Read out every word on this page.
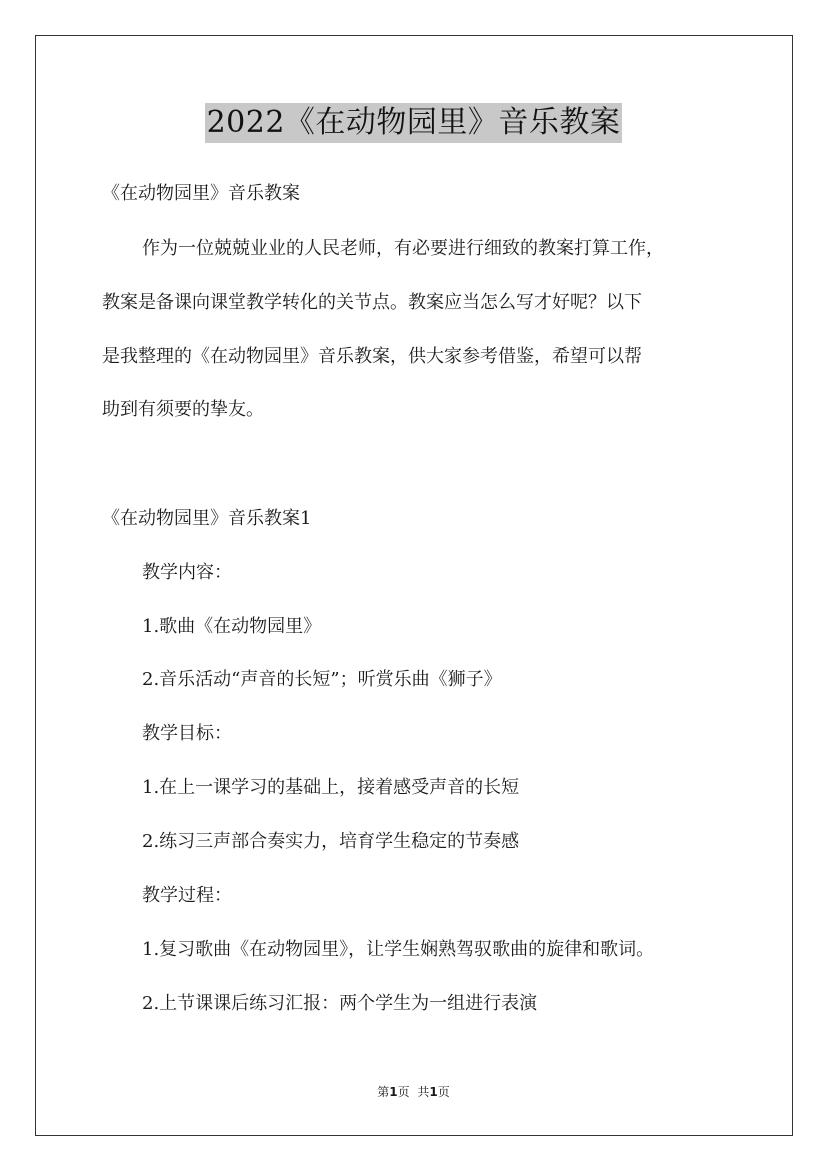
2022《在动物园里》音乐教案
《在动物园里》音乐教案
作为一位兢兢业业的人民老师，有必要进行细致的教案打算工作，
教案是备课向课堂教学转化的关节点。教案应当怎么写才好呢？以下
是我整理的《在动物园里》音乐教案，供大家参考借鉴，希望可以帮
助到有须要的挚友。
《在动物园里》音乐教案1
教学内容：
1.歌曲《在动物园里》
2.音乐活动“声音的长短”；听赏乐曲《狮子》
教学目标：
1.在上一课学习的基础上，接着感受声音的长短
2.练习三声部合奏实力，培育学生稳定的节奏感
教学过程：
1.复习歌曲《在动物园里》，让学生娴熟驾驭歌曲的旋律和歌词。
2.上节课课后练习汇报：两个学生为一组进行表演
第1页 共1页
